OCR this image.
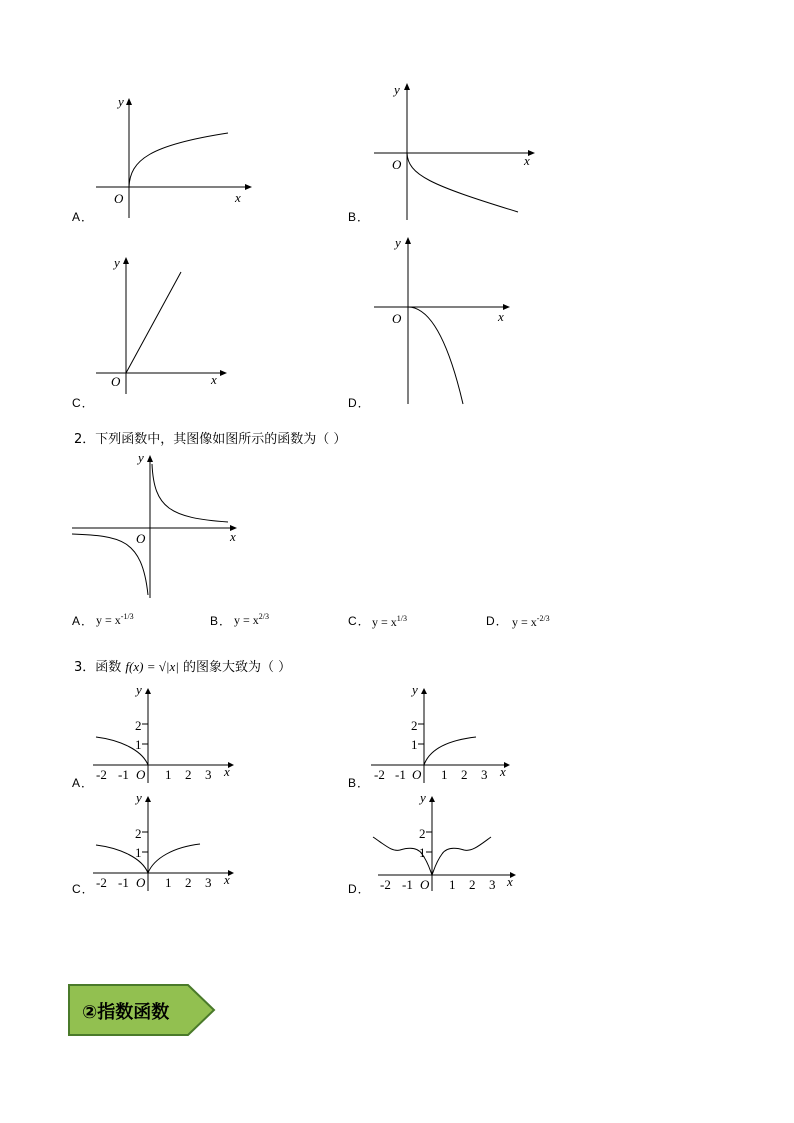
x
y
O
A．
x
y
O
B．
x
y
O
C．
x
y
O
D．
2．下列函数中，其图像如图所示的函数为（ ）
x
y
O
A． $y = x^{-1/3}$	B． $y = x^{2/3}$	C． $y = x^{1/3}$	D． $y = x^{-2/3}$
3．函数 f(x) = √|x| 的图象大致为（ ）
2
1
-2 -1 O 1 2 3 x
y
A．
2
1
-2 -1 O 1 2 3 x
y
B．
2
1
-2 -1 O 1 2 3 x
y
C．
2
1
-2 -1 O 1 2 3 x
y
D．
②指数函数
